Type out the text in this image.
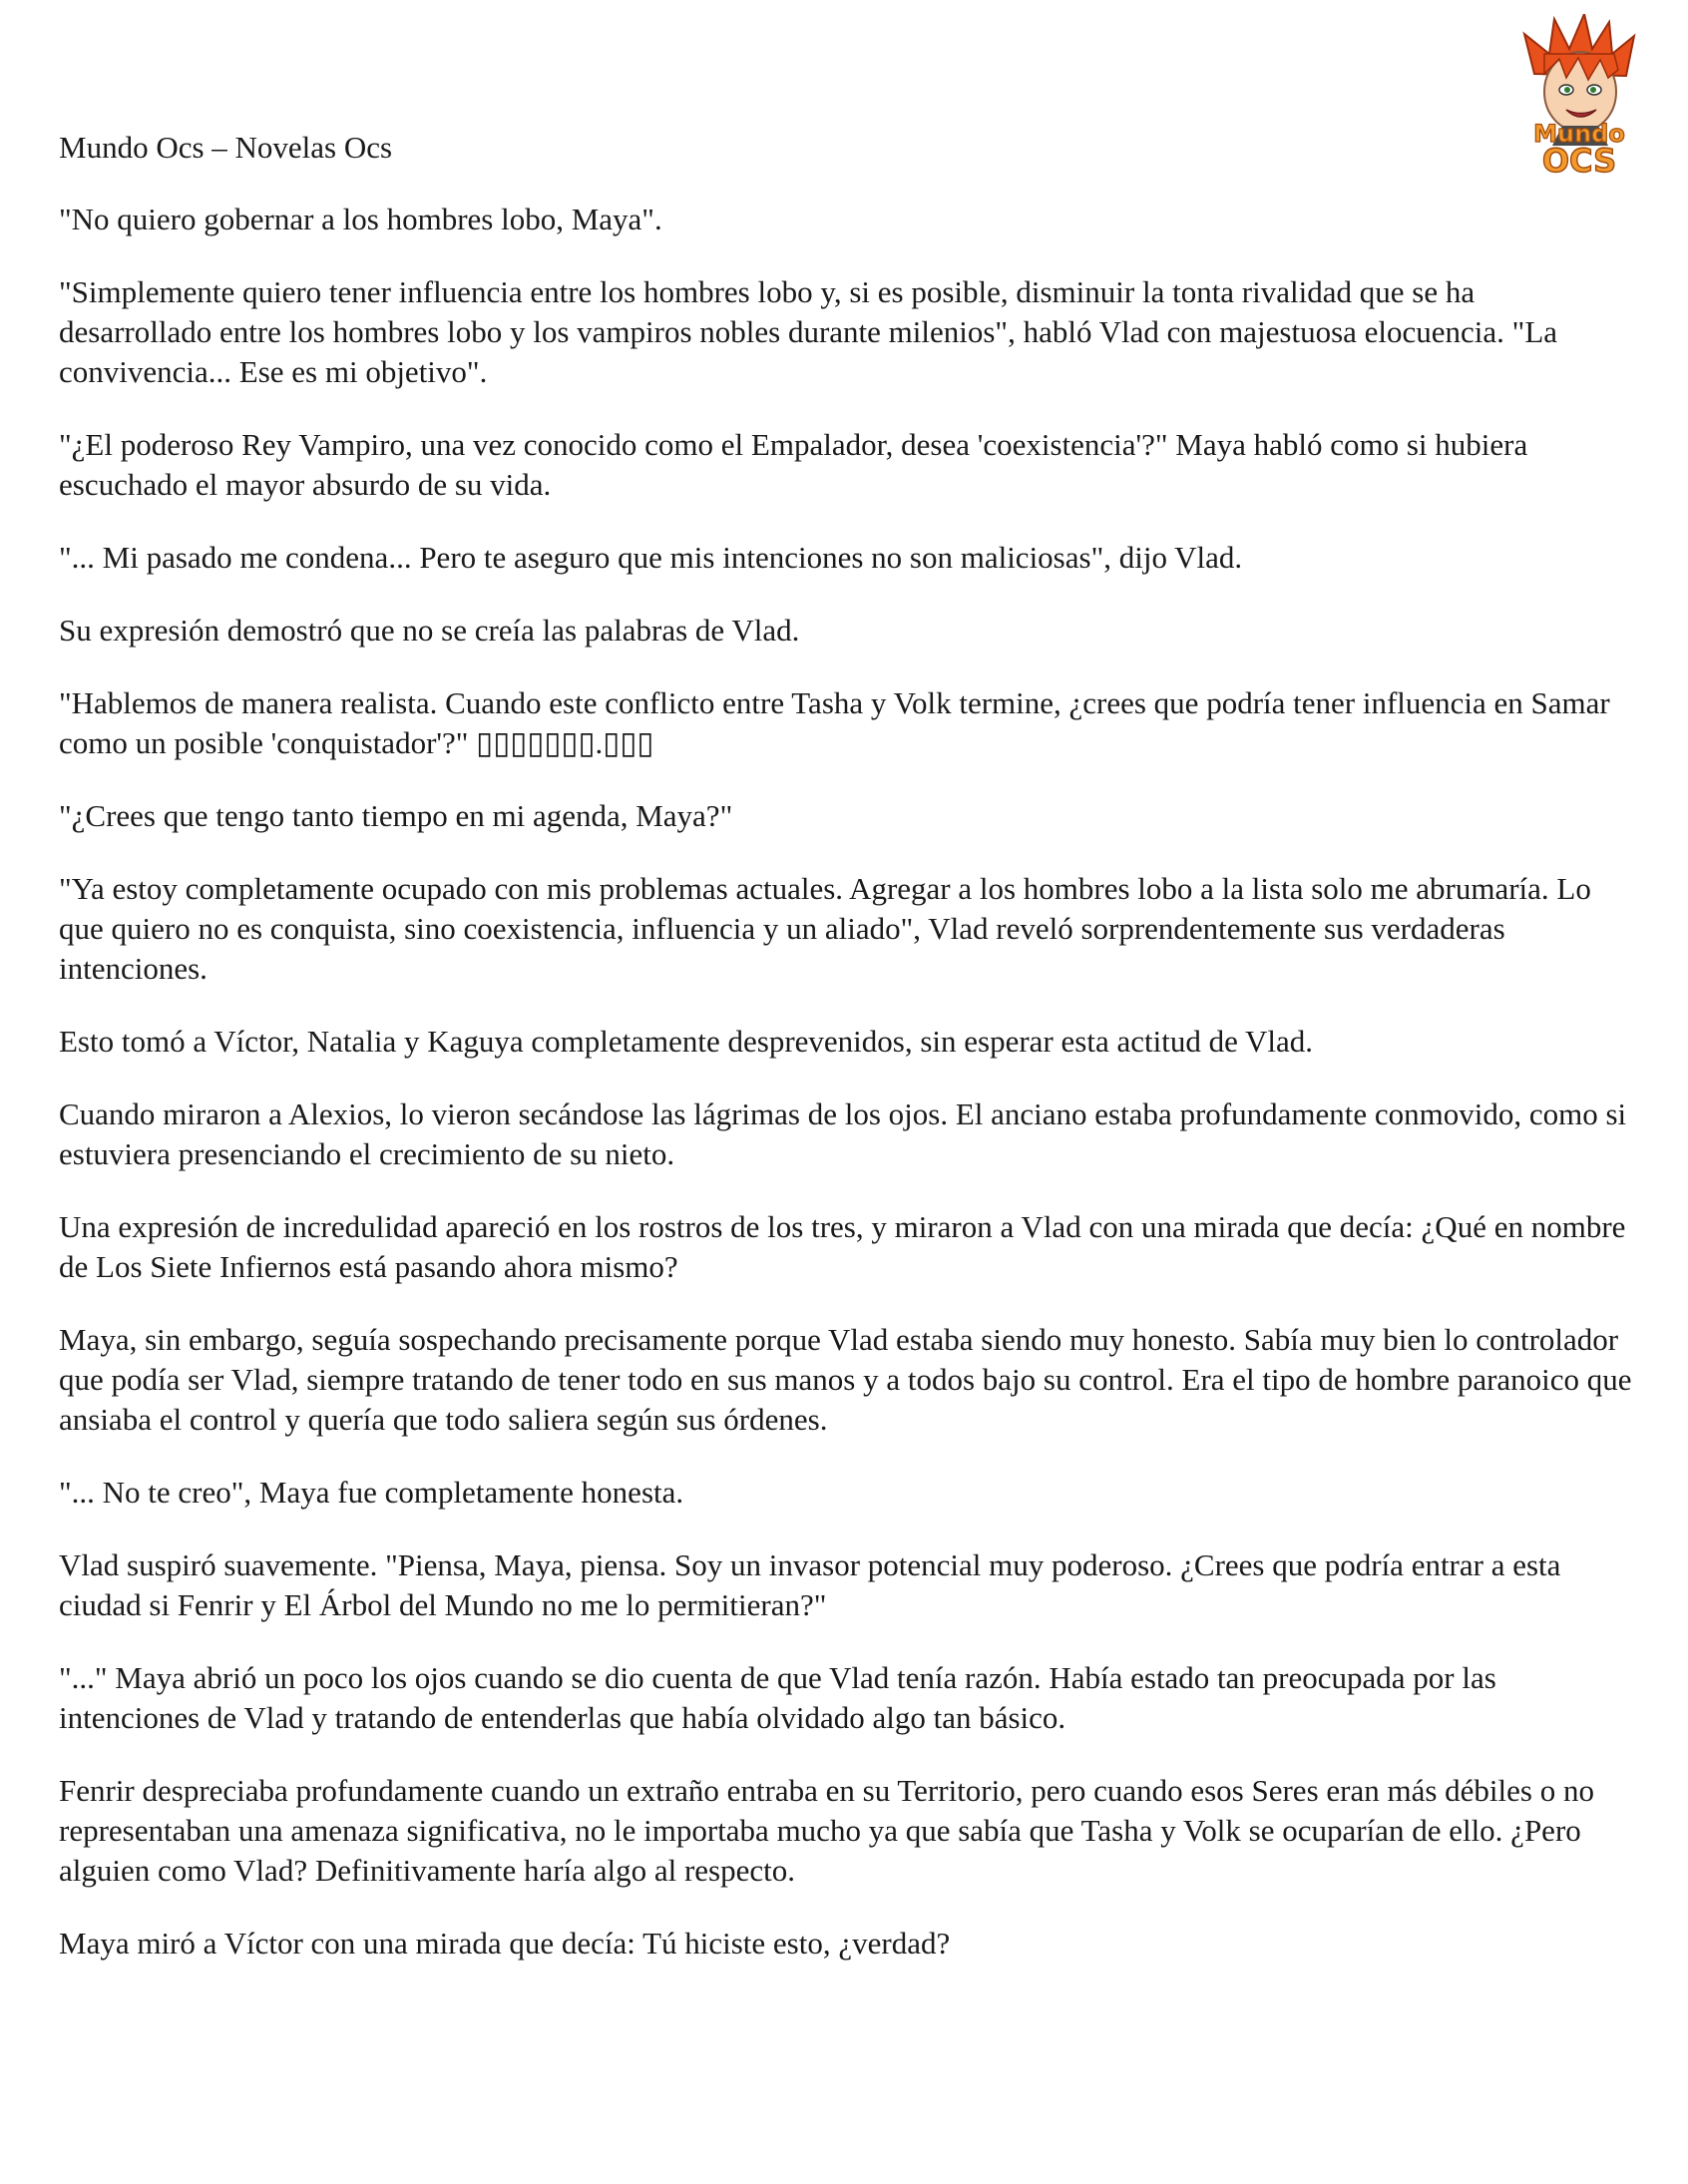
Mundo
OCS

Mundo Ocs – Novelas Ocs

"No quiero gobernar a los hombres lobo, Maya".

"Simplemente quiero tener influencia entre los hombres lobo y, si es posible, disminuir la tonta rivalidad que se ha desarrollado entre los hombres lobo y los vampiros nobles durante milenios", habló Vlad con majestuosa elocuencia. "La convivencia... Ese es mi objetivo".

"¿El poderoso Rey Vampiro, una vez conocido como el Empalador, desea 'coexistencia'?" Maya habló como si hubiera escuchado el mayor absurdo de su vida.

"... Mi pasado me condena... Pero te aseguro que mis intenciones no son maliciosas", dijo Vlad.

Su expresión demostró que no se creía las palabras de Vlad.

"Hablemos de manera realista. Cuando este conflicto entre Tasha y Volk termine, ¿crees que podría tener influencia en Samar como un posible 'conquistador'?" ▯▯▯▯▯▯▯.▯▯▯

"¿Crees que tengo tanto tiempo en mi agenda, Maya?"

"Ya estoy completamente ocupado con mis problemas actuales. Agregar a los hombres lobo a la lista solo me abrumaría. Lo que quiero no es conquista, sino coexistencia, influencia y un aliado", Vlad reveló sorprendentemente sus verdaderas intenciones.

Esto tomó a Víctor, Natalia y Kaguya completamente desprevenidos, sin esperar esta actitud de Vlad.

Cuando miraron a Alexios, lo vieron secándose las lágrimas de los ojos. El anciano estaba profundamente conmovido, como si estuviera presenciando el crecimiento de su nieto.

Una expresión de incredulidad apareció en los rostros de los tres, y miraron a Vlad con una mirada que decía: ¿Qué en nombre de Los Siete Infiernos está pasando ahora mismo?

Maya, sin embargo, seguía sospechando precisamente porque Vlad estaba siendo muy honesto. Sabía muy bien lo controlador que podía ser Vlad, siempre tratando de tener todo en sus manos y a todos bajo su control. Era el tipo de hombre paranoico que ansiaba el control y quería que todo saliera según sus órdenes.

"... No te creo", Maya fue completamente honesta.

Vlad suspiró suavemente. "Piensa, Maya, piensa. Soy un invasor potencial muy poderoso. ¿Crees que podría entrar a esta ciudad si Fenrir y El Árbol del Mundo no me lo permitieran?"

"..." Maya abrió un poco los ojos cuando se dio cuenta de que Vlad tenía razón. Había estado tan preocupada por las intenciones de Vlad y tratando de entenderlas que había olvidado algo tan básico.

Fenrir despreciaba profundamente cuando un extraño entraba en su Territorio, pero cuando esos Seres eran más débiles o no representaban una amenaza significativa, no le importaba mucho ya que sabía que Tasha y Volk se ocuparían de ello. ¿Pero alguien como Vlad? Definitivamente haría algo al respecto.

Maya miró a Víctor con una mirada que decía: Tú hiciste esto, ¿verdad?
